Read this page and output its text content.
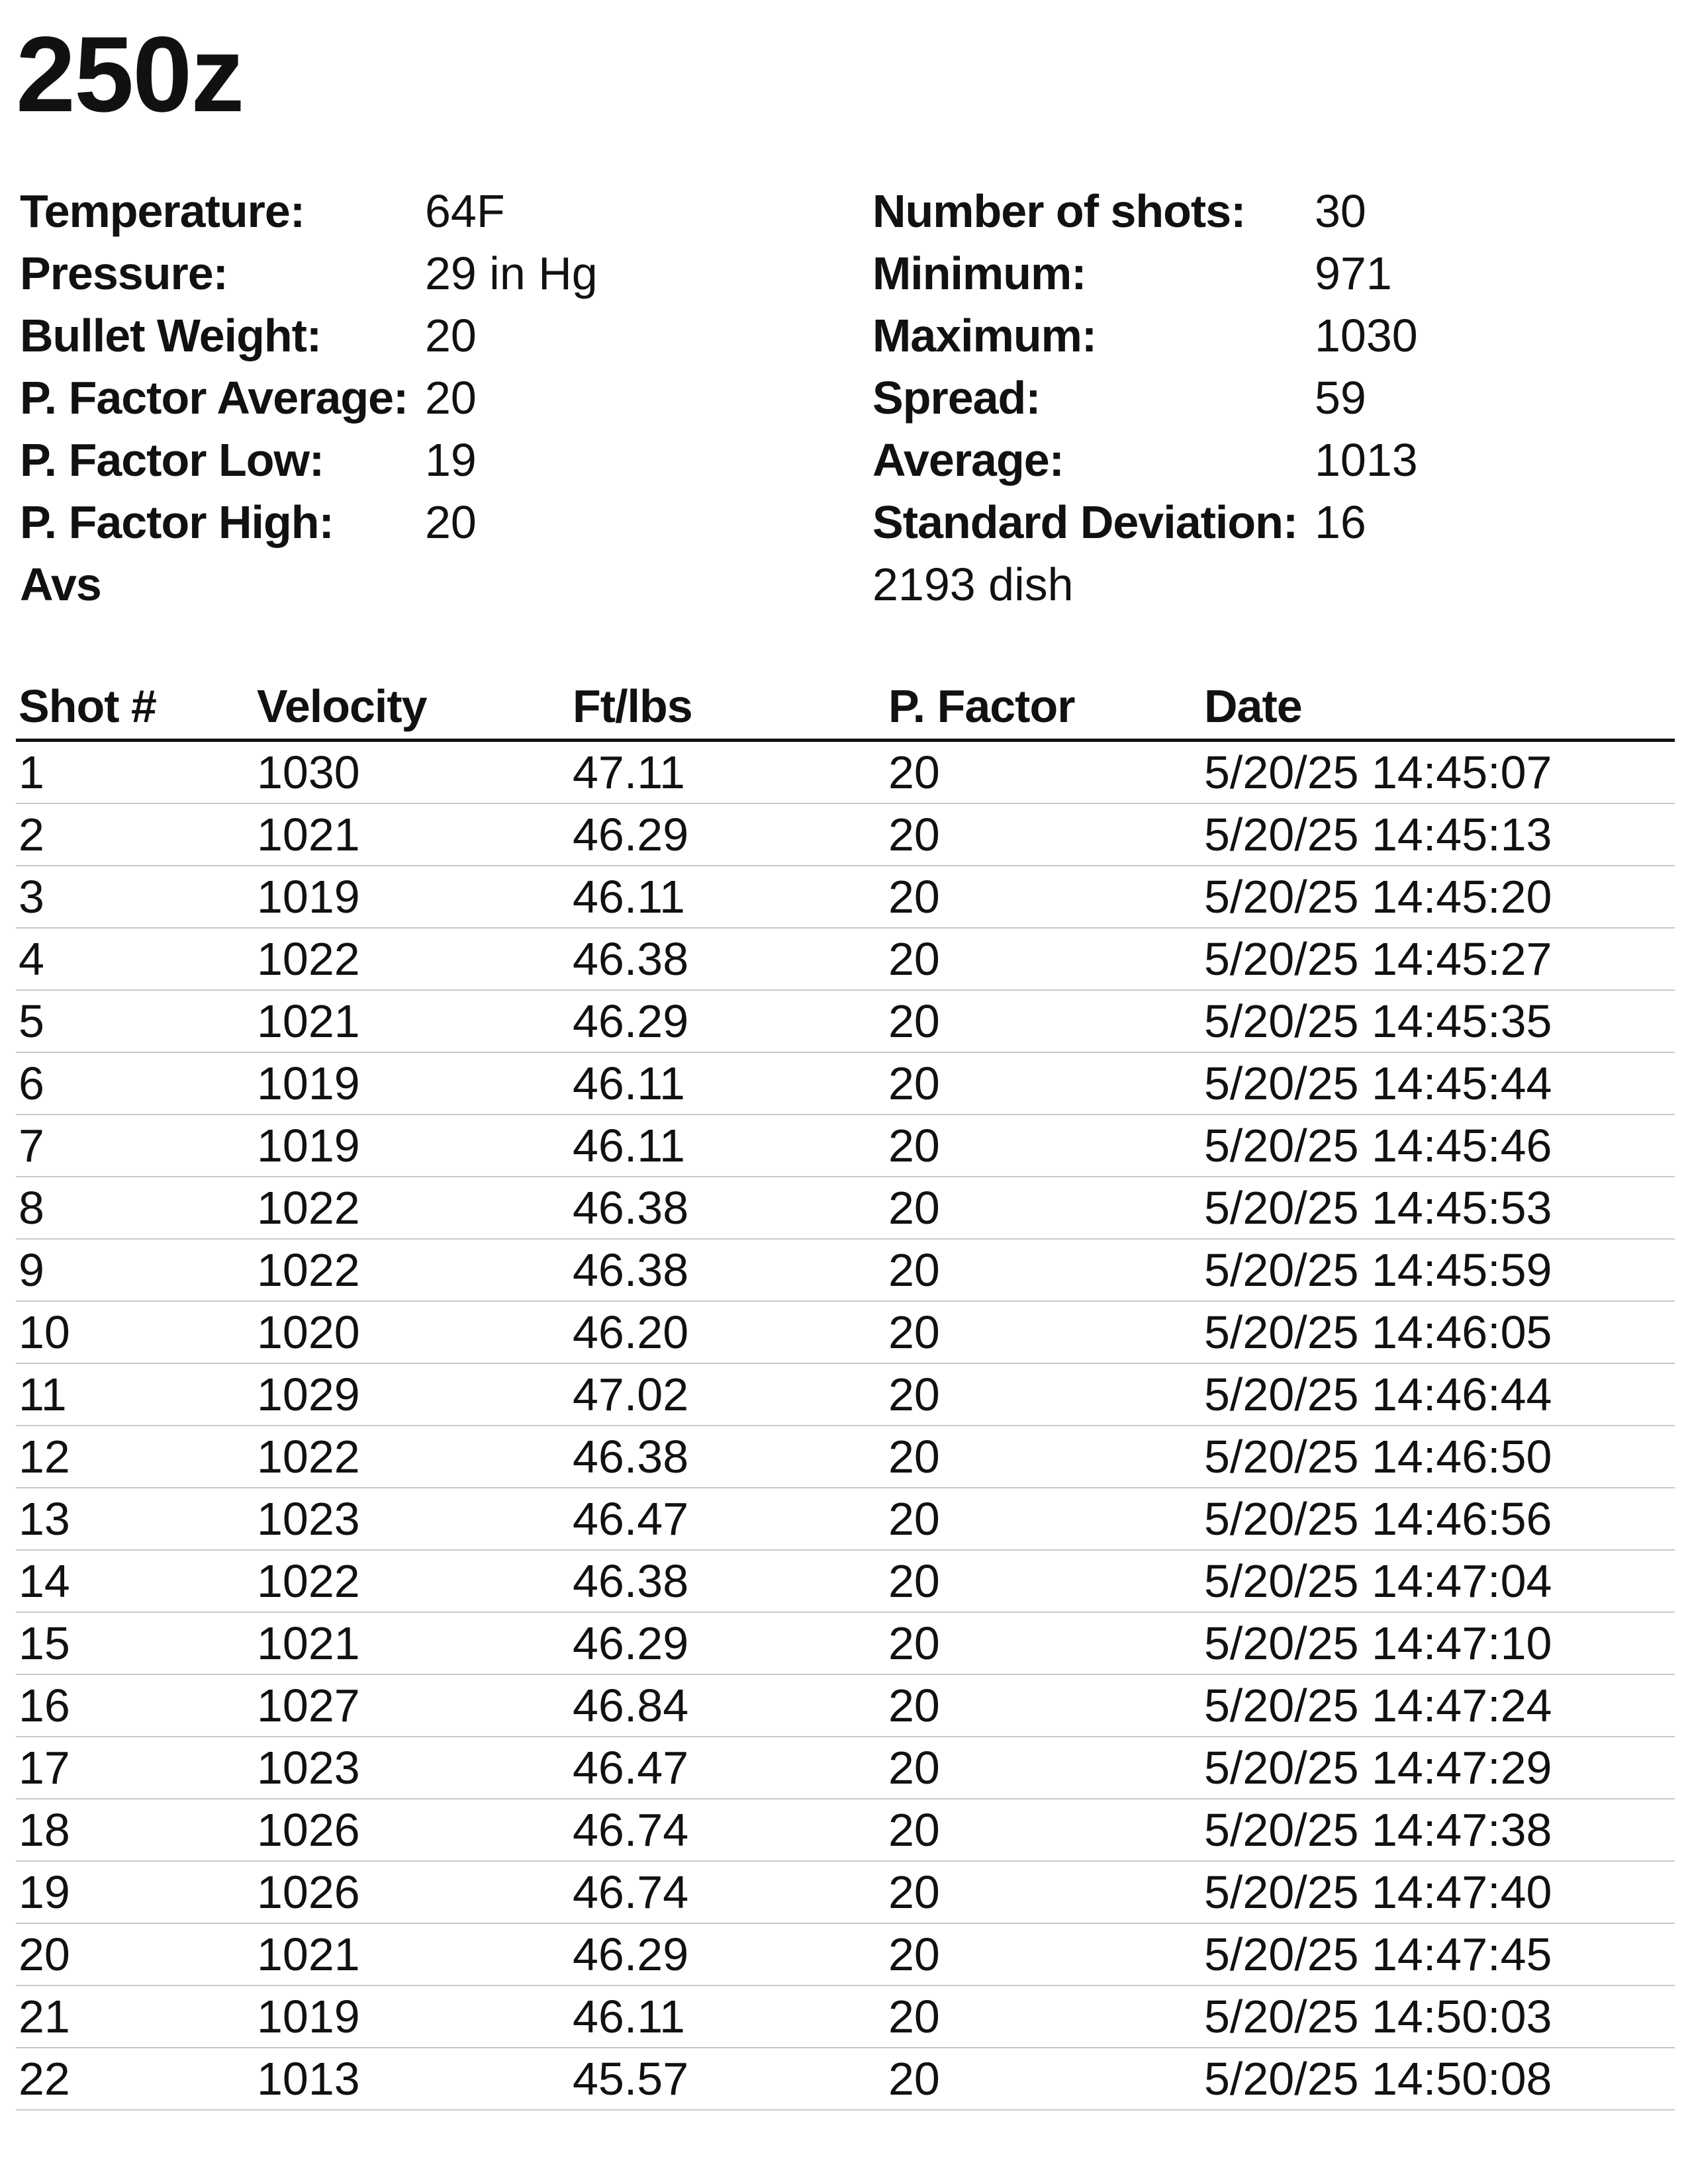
250z
Temperature:	64F
Pressure:	29 in Hg
Bullet Weight:	20
P. Factor Average: 20
P. Factor Low:	19
P. Factor High:	20
Avs
Number of shots:	30
Minimum:	971
Maximum:	1030
Spread:	59
Average:	1013
Standard Deviation: 16
2193 dish
Shot #	Velocity	Ft/lbs	P. Factor	Date
1	1030	47.11	20	5/20/25 14:45:07
2	1021	46.29	20	5/20/25 14:45:13
3	1019	46.11	20	5/20/25 14:45:20
4	1022	46.38	20	5/20/25 14:45:27
5	1021	46.29	20	5/20/25 14:45:35
6	1019	46.11	20	5/20/25 14:45:44
7	1019	46.11	20	5/20/25 14:45:46
8	1022	46.38	20	5/20/25 14:45:53
9	1022	46.38	20	5/20/25 14:45:59
10	1020	46.20	20	5/20/25 14:46:05
11	1029	47.02	20	5/20/25 14:46:44
12	1022	46.38	20	5/20/25 14:46:50
13	1023	46.47	20	5/20/25 14:46:56
14	1022	46.38	20	5/20/25 14:47:04
15	1021	46.29	20	5/20/25 14:47:10
16	1027	46.84	20	5/20/25 14:47:24
17	1023	46.47	20	5/20/25 14:47:29
18	1026	46.74	20	5/20/25 14:47:38
19	1026	46.74	20	5/20/25 14:47:40
20	1021	46.29	20	5/20/25 14:47:45
21	1019	46.11	20	5/20/25 14:50:03
22	1013	45.57	20	5/20/25 14:50:08
